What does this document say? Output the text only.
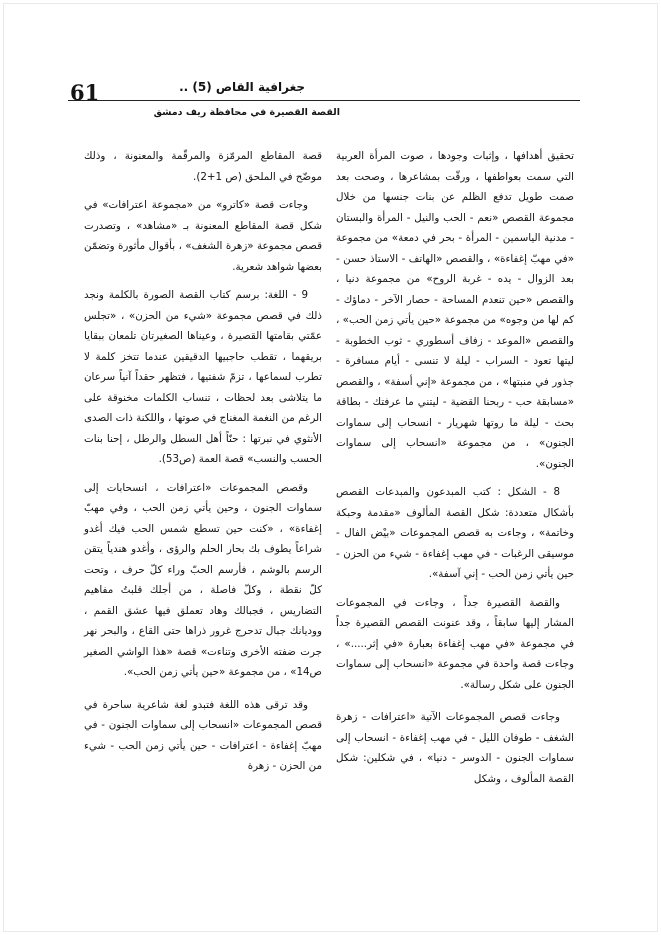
61	جغرافية القاص (5) ..
القصة القصيرة في محافظة ريف دمشق

تحقيق أهدافها ، وإثبات وجودها ، صوت المرأة العربية التي سمت بعواطفها ، ورقّت بمشاعرها ، وصحت بعد صمت طويل تدفع الظلم عن بنات جنسها من خلال مجموعة القصص «نعم - الحب والنيل - المرأة والبستان - مدنية الياسمين - المرأة - بحر في دمعة» من مجموعة «في مهبّ إغفاءة» ، والقصص «الهاتف - الاستاذ حسن - بعد الزوال - يده - غربة الروح» من مجموعة دنيا ، والقصص «حين تنعدم المساحة - حصار الآخر - دماؤك - كم لها من وجوه» من مجموعة «حين يأتي زمن الحب» ، والقصص «الموعد - زفاف أسطوري - ثوب الخطوبة - ليتها تعود - السراب - ليلة لا تنسى - أيام مسافرة - جذور في منبتها» ، من مجموعة «إني أسفة» ، والقصص «مسابقة حب - ربحنا القضية - ليتني ما عرفتك - بطاقة بحث - ليلة ما روتها شهريار - انسحاب إلى سماوات الجنون» ، من مجموعة «انسحاب إلى سماوات الجنون».

8 - الشكل : كتب المبدعون والمبدعات القصص بأشكال متعددة: شكل القصة المألوف «مقدمة وحبكة وخاتمة» ، وجاءت به قصص المجموعات «بيْض الفال - موسيقى الرغبات - في مهب إغفاءة - شيء من الحزن - حين يأتي زمن الحب - إني آسفة».

والقصة القصيرة جداً ، وجاءت في المجموعات المشار إليها سابقاً ، وقد عنونت القصص القصيرة جداً في مجموعة «في مهب إغفاءة بعبارة «في إثر.....» ، وجاءت قصة واحدة في مجموعة «انسحاب إلى سماوات الجنون على شكل رسالة».

وجاءت قصص المجموعات الآتية «اعترافات - زهرة الشغف - طوفان الليل - في مهب إغفاءة - انسحاب إلى سماوات الجنون - الدوسر - دنيا» ، في شكلين: شكل القصة المألوف ، وشكل

قصة المقاطع المرمّزة والمرقّمة والمعنونة ، وذلك موضّح في الملحق (ص 1+2).

وجاءت قصة «كاترو» من «مجموعة اعترافات» في شكل قصة المقاطع المعنونة بـ «مشاهد» ، وتصدرت قصص مجموعة «زهرة الشغف» ، بأقوال مأثورة وتضمّن بعضها شواهد شعرية.

9 - اللغة: برسم كتاب القصة الصورة بالكلمة ونجد ذلك في قصص مجموعة «شيء من الحزن» ، «تجلس عمّتي بقامتها القصيرة ، وعيناها الصغيرتان تلمعان ببقايا بريقهما ، تقطب حاجبيها الدقيقين عندما تتخز كلمة لا تطرب لسماعها ، تزمّ شفتيها ، فتظهر حقداً آنياً سرعان ما يتلاشى بعد لحظات ، تنساب الكلمات مخنوقة على الرغم من النغمة المغناج في صوتها ، واللكنة ذات الصدى الأنثوي في نبرتها : حنّاً أهل السطل والرطل ، إحنا بنات الحسب والنسب» قصة العمة (ص53).

وقصص المجموعات «اعترافات ، انسحابات إلى سماوات الجنون ، وحين يأتي زمن الحب ، وفي مهبّ إغفاءة» ، «كنت حين تسطع شمس الحب فيك أغدو شراعاً يطوف بك بحار الحلم والرؤى ، وأغدو هندياً يتقن الرسم بالوشم ، فأرسم الحبّ وراء كلّ حرف ، وتحت كلّ نقطة ، وكلّ فاصلة ، من أجلك قلبتُ مفاهيم التضاريس ، فجبالك وهاد تعملق فيها عشق القمم ، ووديانك جبال تدحرج غرور ذراها حتى القاع ، والبحر نهر جرت ضفته الأخرى وتناءت» قصة «هذا الواشي الصغير ص14» ، من مجموعة «حين يأتي زمن الحب».

وقد ترقى هذه اللغة فتبدو لغة شاعرية ساحرة في قصص المجموعات «انسحاب إلى سماوات الجنون - في مهبّ إغفاءة - اعترافات - حين يأتي زمن الحب - شيء من الحزن - زهرة
